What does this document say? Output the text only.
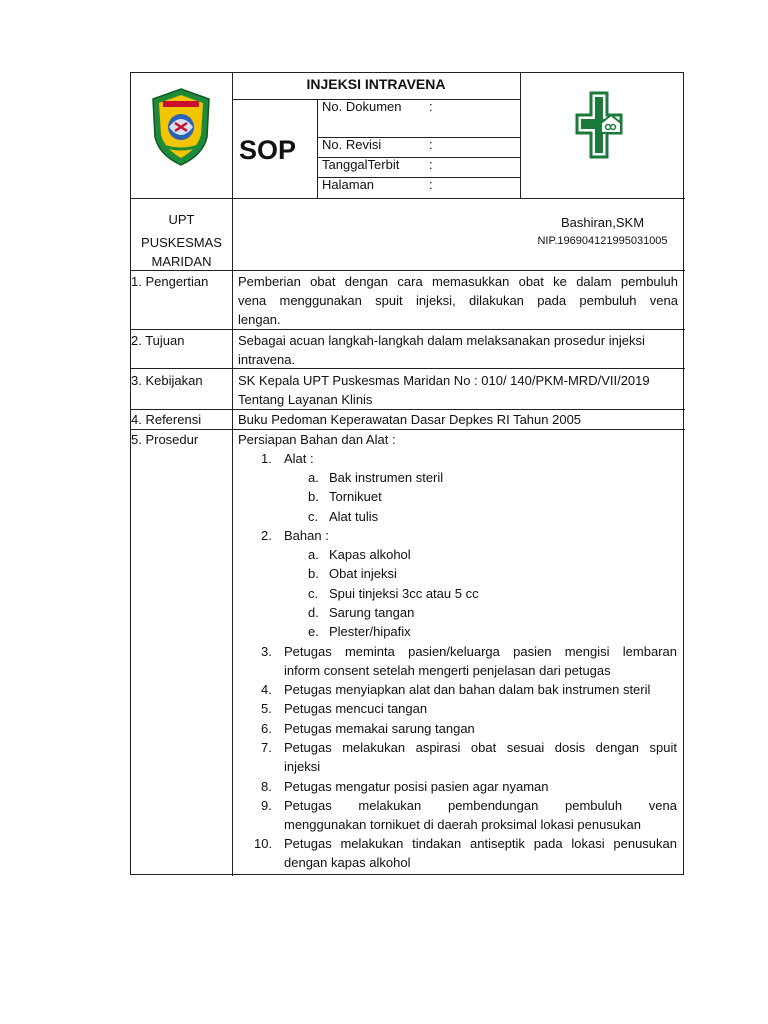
INJEKSI INTRAVENA
SOP
No. Dokumen :
No. Revisi	:
TanggalTerbit :
Halaman	:
UPT
PUSKESMAS
MARIDAN
Bashiran,SKM
NIP.196904121995031005
1. Pengertian
2. Tujuan
3. Kebijakan
4. Referensi
5. Prosedur
Pemberian obat dengan cara memasukkan obat ke dalam pembuluh
vena menggunakan spuit injeksi, dilakukan pada pembuluh vena
lengan.
Sebagai acuan langkah-langkah dalam melaksanakan prosedur injeksi
intravena.
SK Kepala UPT Puskesmas Maridan No : 010/ 140/PKM-MRD/VII/2019
Tentang Layanan Klinis
Buku Pedoman Keperawatan Dasar Depkes RI Tahun 2005
Persiapan Bahan dan Alat :
1. Alat :
a. Bak instrumen steril
b. Tornikuet
c. Alat tulis
2. Bahan :
a. Kapas alkohol
b. Obat injeksi
c. Spui tinjeksi 3cc atau 5 cc
d. Sarung tangan
e. Plester/hipafix
3. Petugas meminta pasien/keluarga pasien mengisi lembaran
inform consent setelah mengerti penjelasan dari petugas
4. Petugas menyiapkan alat dan bahan dalam bak instrumen steril
5. Petugas mencuci tangan
6. Petugas memakai sarung tangan
7. Petugas melakukan aspirasi obat sesuai dosis dengan spuit
injeksi
8. Petugas mengatur posisi pasien agar nyaman
9. Petugas melakukan pembendungan pembuluh vena
menggunakan tornikuet di daerah proksimal lokasi penusukan
10. Petugas melakukan tindakan antiseptik pada lokasi penusukan
dengan kapas alkohol
